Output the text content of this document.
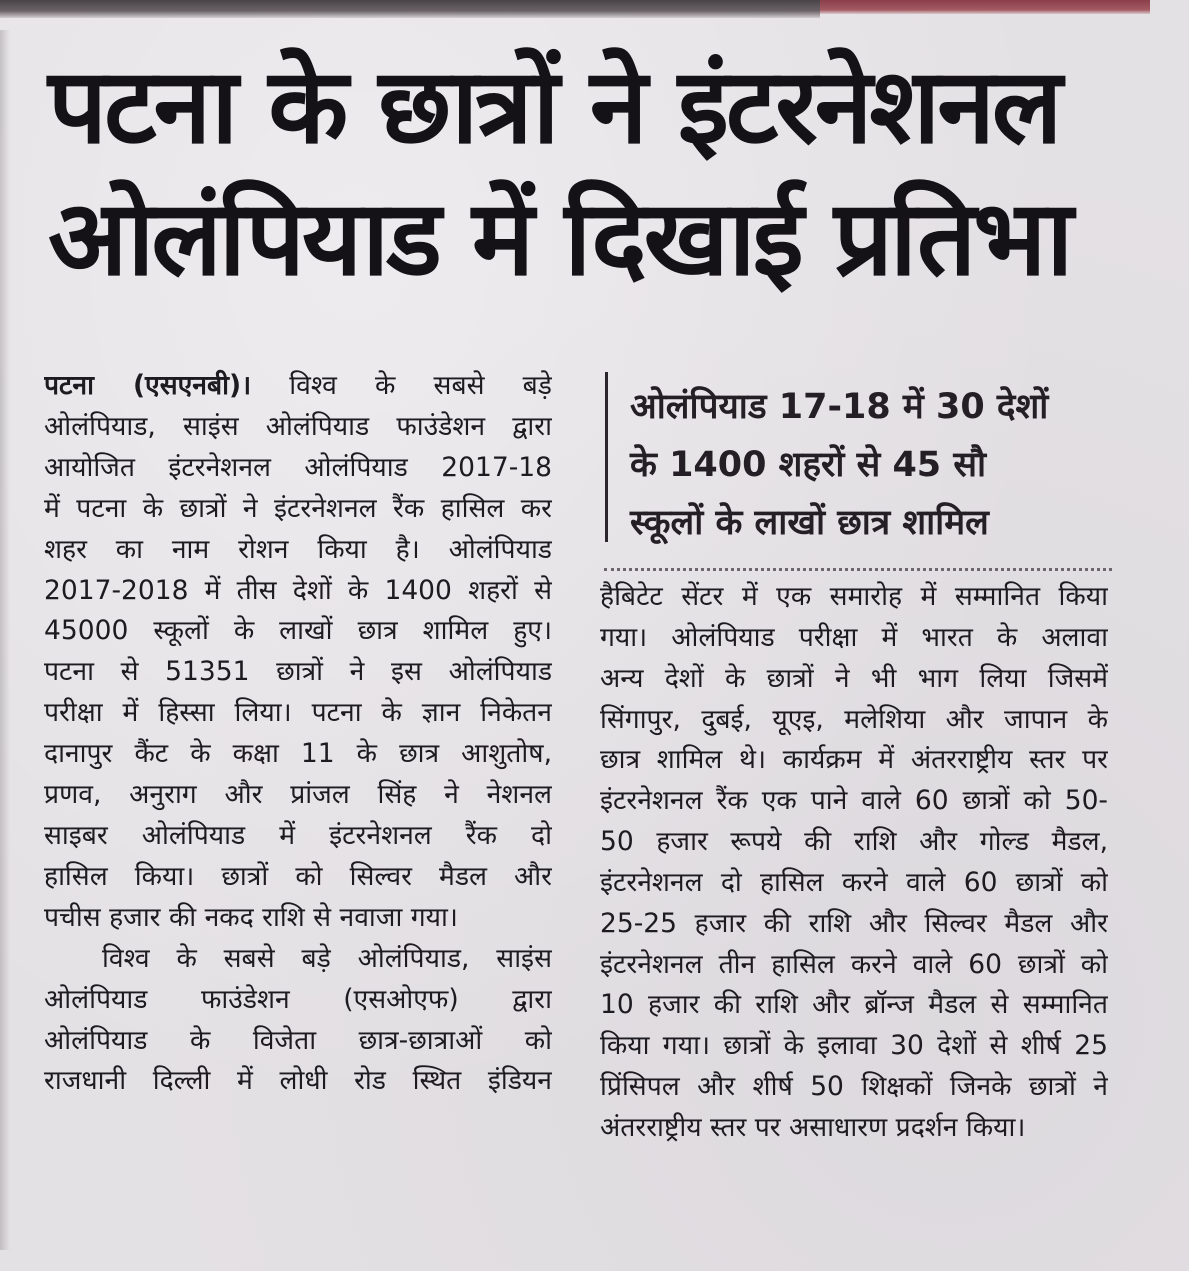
पटना के छात्रों ने इंटरनेशनल
ओलंपियाड में दिखाई प्रतिभा
पटना (एसएनबी)। विश्व के सबसे बड़े
ओलंपियाड, साइंस ओलंपियाड फाउंडेशन द्वारा
आयोजित इंटरनेशनल ओलंपियाड 2017-18
में पटना के छात्रों ने इंटरनेशनल रैंक हासिल कर
शहर का नाम रोशन किया है। ओलंपियाड
2017-2018 में तीस देशों के 1400 शहरों से
45000 स्कूलों के लाखों छात्र शामिल हुए।
पटना से 51351 छात्रों ने इस ओलंपियाड
परीक्षा में हिस्सा लिया। पटना के ज्ञान निकेतन
दानापुर कैंट के कक्षा 11 के छात्र आशुतोष,
प्रणव, अनुराग और प्रांजल सिंह ने नेशनल
साइबर ओलंपियाड में इंटरनेशनल रैंक दो
हासिल किया। छात्रों को सिल्वर मैडल और
पचीस हजार की नकद राशि से नवाजा गया।
विश्व के सबसे बड़े ओलंपियाड, साइंस
ओलंपियाड फाउंडेशन (एसओएफ) द्वारा
ओलंपियाड के विजेता छात्र-छात्राओं को
राजधानी दिल्ली में लोधी रोड स्थित इंडियन
ओलंपियाड 17-18 में 30 देशों
के 1400 शहरों से 45 सौ
स्कूलों के लाखों छात्र शामिल
हैबिटेट सेंटर में एक समारोह में सम्मानित किया
गया। ओलंपियाड परीक्षा में भारत के अलावा
अन्य देशों के छात्रों ने भी भाग लिया जिसमें
सिंगापुर, दुबई, यूएइ, मलेशिया और जापान के
छात्र शामिल थे। कार्यक्रम में अंतरराष्ट्रीय स्तर पर
इंटरनेशनल रैंक एक पाने वाले 60 छात्रों को 50-
50 हजार रूपये की राशि और गोल्ड मैडल,
इंटरनेशनल दो हासिल करने वाले 60 छात्रों को
25-25 हजार की राशि और सिल्वर मैडल और
इंटरनेशनल तीन हासिल करने वाले 60 छात्रों को
10 हजार की राशि और ब्रॉन्ज मैडल से सम्मानित
किया गया। छात्रों के इलावा 30 देशों से शीर्ष 25
प्रिंसिपल और शीर्ष 50 शिक्षकों जिनके छात्रों ने
अंतरराष्ट्रीय स्तर पर असाधारण प्रदर्शन किया।
